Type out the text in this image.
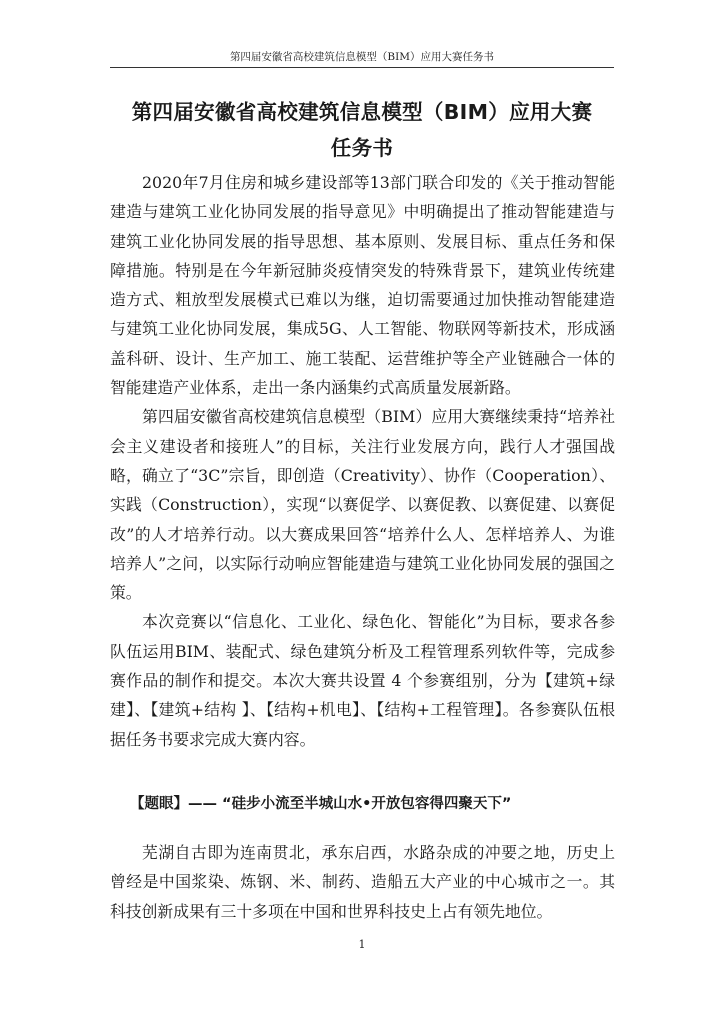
第四届安徽省高校建筑信息模型（BIM）应用大赛任务书
第四届安徽省高校建筑信息模型（BIM）应用大赛
任务书

2020年7月住房和城乡建设部等13部门联合印发的《关于推动智能建造与建筑工业化协同发展的指导意见》中明确提出了推动智能建造与建筑工业化协同发展的指导思想、基本原则、发展目标、重点任务和保障措施。特别是在今年新冠肺炎疫情突发的特殊背景下，建筑业传统建造方式、粗放型发展模式已难以为继，迫切需要通过加快推动智能建造与建筑工业化协同发展，集成5G、人工智能、物联网等新技术，形成涵盖科研、设计、生产加工、施工装配、运营维护等全产业链融合一体的智能建造产业体系，走出一条内涵集约式高质量发展新路。

第四届安徽省高校建筑信息模型（BIM）应用大赛继续秉持“培养社会主义建设者和接班人”的目标，关注行业发展方向，践行人才强国战略，确立了“3C”宗旨，即创造（Creativity）、协作（Cooperation）、实践（Construction），实现“以赛促学、以赛促教、以赛促建、以赛促改”的人才培养行动。以大赛成果回答“培养什么人、怎样培养人、为谁培养人”之问，以实际行动响应智能建造与建筑工业化协同发展的强国之策。

本次竞赛以“信息化、工业化、绿色化、智能化”为目标，要求各参队伍运用BIM、装配式、绿色建筑分析及工程管理系列软件等，完成参赛作品的制作和提交。本次大赛共设置 4 个参赛组别，分为【建筑+绿建】、【建筑+结构 】、【结构+机电】、【结构+工程管理】。各参赛队伍根据任务书要求完成大赛内容。

【题眼】—— “硅步小流至半城山水•开放包容得四聚天下”

芜湖自古即为连南贯北，承东启西，水路杂成的冲要之地，历史上曾经是中国浆染、炼钢、米、制药、造船五大产业的中心城市之一。其科技创新成果有三十多项在中国和世界科技史上占有领先地位。

1
